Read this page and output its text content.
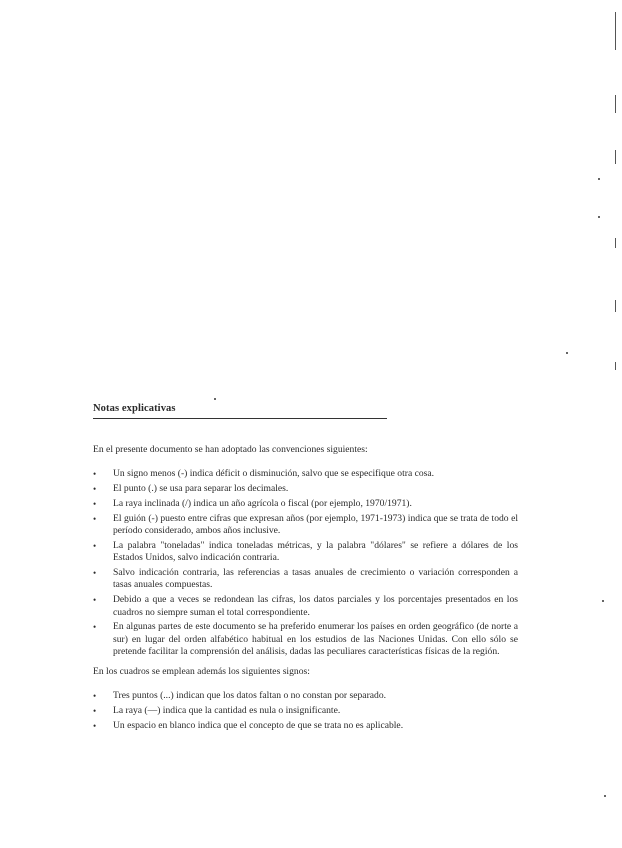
Notas explicativas
En el presente documento se han adoptado las convenciones siguientes:
• Un signo menos (-) indica déficit o disminución, salvo que se especifique otra cosa.
• El punto (.) se usa para separar los decimales.
• La raya inclinada (/) indica un año agrícola o fiscal (por ejemplo, 1970/1971).
• El guión (-) puesto entre cifras que expresan años (por ejemplo, 1971-1973) indica que se trata de todo el período considerado, ambos años inclusive.
• La palabra "toneladas" indica toneladas métricas, y la palabra "dólares" se refiere a dólares de los Estados Unidos, salvo indicación contraria.
• Salvo indicación contraria, las referencias a tasas anuales de crecimiento o variación corresponden a tasas anuales compuestas.
• Debido a que a veces se redondean las cifras, los datos parciales y los porcentajes presentados en los cuadros no siempre suman el total correspondiente.
• En algunas partes de este documento se ha preferido enumerar los países en orden geográfico (de norte a sur) en lugar del orden alfabético habitual en los estudios de las Naciones Unidas. Con ello sólo se pretende facilitar la comprensión del análisis, dadas las peculiares características físicas de la región.
En los cuadros se emplean además los siguientes signos:
• Tres puntos (...) indican que los datos faltan o no constan por separado.
• La raya (—) indica que la cantidad es nula o insignificante.
• Un espacio en blanco indica que el concepto de que se trata no es aplicable.
